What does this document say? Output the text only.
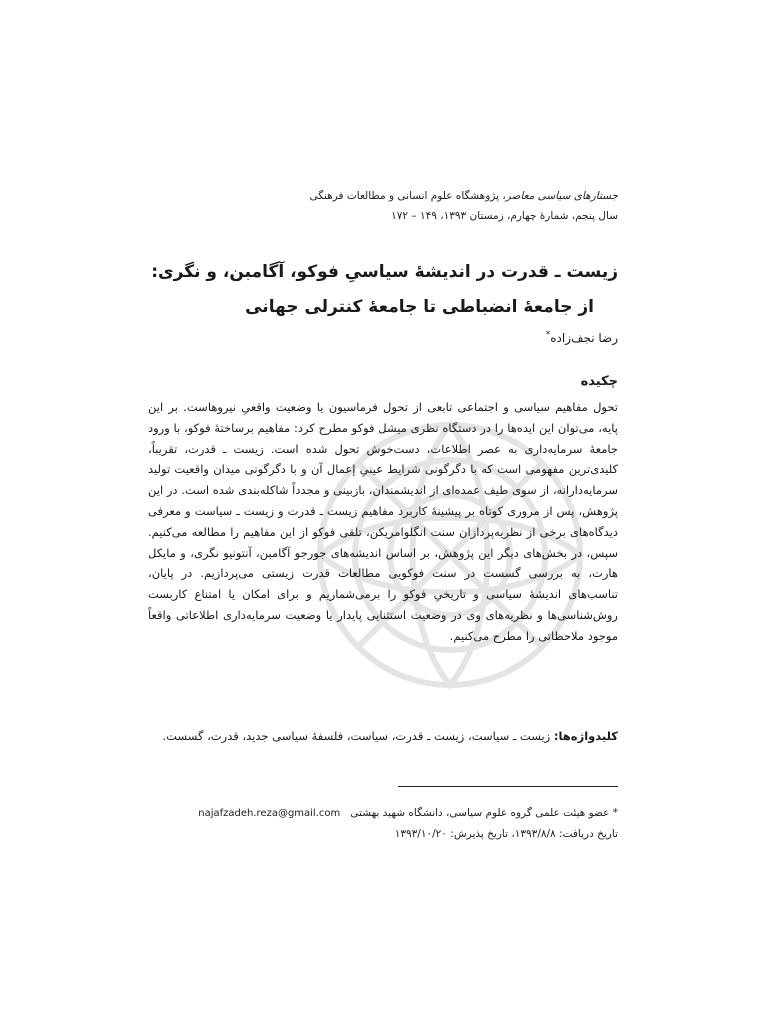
جستارهای سیاسی معاصر، پژوهشگاه علوم انسانی و مطالعات فرهنگی
سال پنجم، شمارهٔ چهارم، زمستان ۱۳۹۳، ۱۴۹ – ۱۷۲
زیست ـ قدرت در اندیشهٔ سیاسیِ فوکو، آگامبن، و نگری:
از جامعهٔ انضباطی تا جامعهٔ کنترلی جهانی
رضا نجف‌زاده*
چکیده
تحول مفاهیم سیاسی و اجتماعی تابعی از تحول فرماسیون یا وضعیت واقعیِ نیروهاست. بر این پایه، می‌توان این ایده‌ها را در دستگاه نظری میشل فوکو مطرح کرد: مفاهیم برساختهٔ فوکو، با ورود جامعهٔ سرمایه‌داری به عصر اطلاعات، دست‌خوش تحول شده است. زیست ـ قدرت، تقریباً، کلیدی‌ترین مفهومی است که با دگرگونی شرایط عینیِ إعمال آن و با دگرگونی میدان واقعیت تولید سرمایه‌دارانه، از سوی طیف عمده‌ای از اندیشمندان، بازبینی و مجدداً شاکله‌بندی شده است. در این پژوهش، پس از مروری کوتاه بر پیشینهٔ کاربرد مفاهیم زیست ـ قدرت و زیست ـ سیاست و معرفی دیدگاه‌های برخی از نظریه‌پردازان سنت انگلوامریکن، تلقی فوکو از این مفاهیم را مطالعه می‌کنیم. سپس، در بخش‌های دیگر این پژوهش، بر اساس اندیشه‌های جورجو آگامبن، آنتونیو نگری، و مایکل هارت، به بررسی گسست در سنت فوکویی مطالعات قدرت زیستی می‌پردازیم. در پایان، تناسب‌های اندیشهٔ سیاسی و تاریخیِ فوکو را برمی‌شماریم و برای امکان یا امتناع کاربست روش‌شناسی‌ها و نظریه‌های وی در وضعیت استثنایی پایدار یا وضعیت سرمایه‌داری اطلاعاتی واقعاً موجود ملاحظاتی را مطرح می‌کنیم.
کلیدواژه‌ها: زیست ـ سیاست، زیست ـ قدرت، سیاست، فلسفهٔ سیاسی جدید، قدرت، گسست.
* عضو هیئت علمی گروه علوم سیاسی، دانشگاه شهید بهشتی   najafzadeh.reza@gmail.com
تاریخ دریافت: ۱۳۹۳/۸/۸، تاریخ پذیرش: ۱۳۹۳/۱۰/۲۰
